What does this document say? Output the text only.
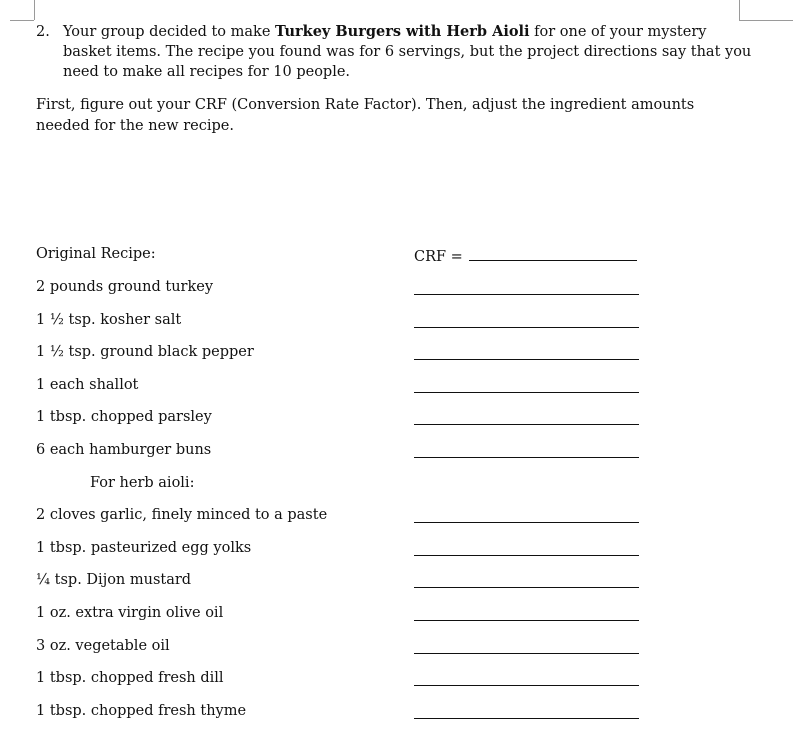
2. Your group decided to make Turkey Burgers with Herb Aioli for one of your mystery basket items. The recipe you found was for 6 servings, but the project directions say that you need to make all recipes for 10 people.
First, figure out your CRF (Conversion Rate Factor). Then, adjust the ingredient amounts needed for the new recipe.
Original Recipe:	CRF =
2 pounds ground turkey
1 ½ tsp. kosher salt
1 ½ tsp. ground black pepper
1 each shallot
1 tbsp. chopped parsley
6 each hamburger buns
For herb aioli:
2 cloves garlic, finely minced to a paste
1 tbsp. pasteurized egg yolks
¼ tsp. Dijon mustard
1 oz. extra virgin olive oil
3 oz. vegetable oil
1 tbsp. chopped fresh dill
1 tbsp. chopped fresh thyme
